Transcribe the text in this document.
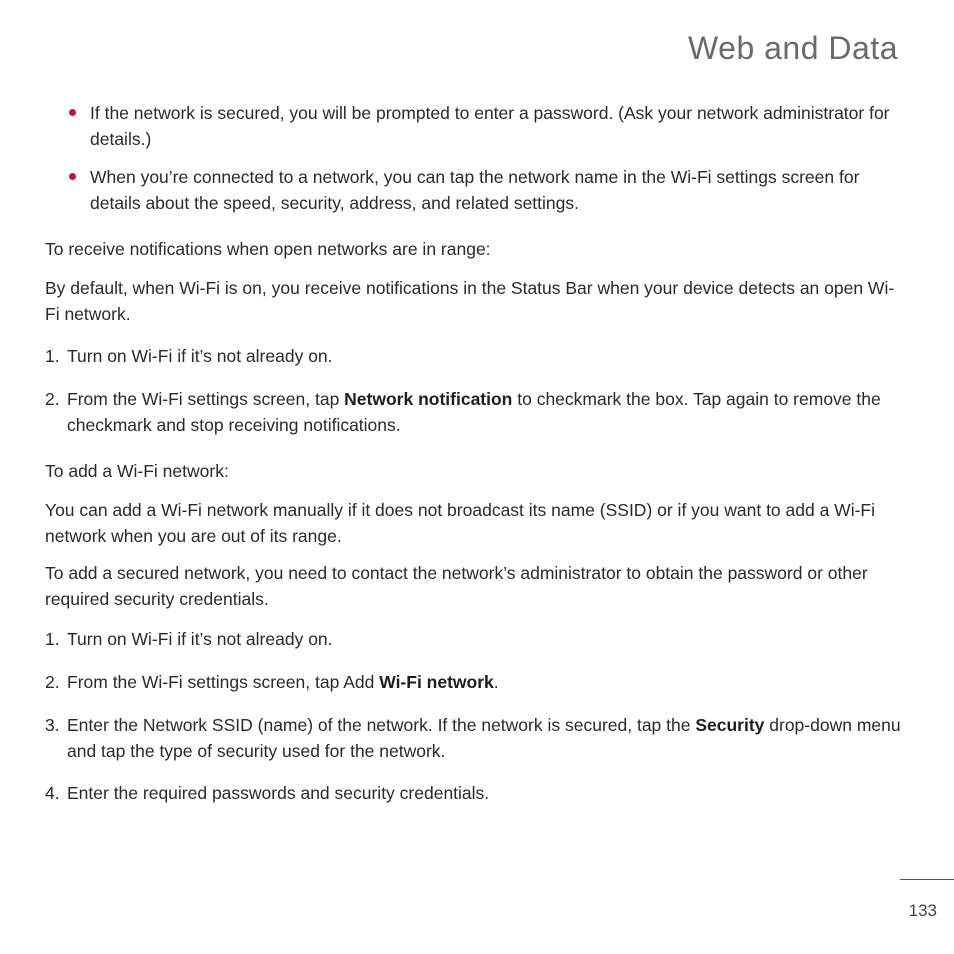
Web and Data

If the network is secured, you will be prompted to enter a password. (Ask your network administrator for details.)

When you’re connected to a network, you can tap the network name in the Wi-Fi settings screen for details about the speed, security, address, and related settings.

To receive notifications when open networks are in range:

By default, when Wi-Fi is on, you receive notifications in the Status Bar when your device detects an open Wi-Fi network.

1. Turn on Wi-Fi if it’s not already on.

2. From the Wi-Fi settings screen, tap Network notification to checkmark the box. Tap again to remove the checkmark and stop receiving notifications.

To add a Wi-Fi network:

You can add a Wi-Fi network manually if it does not broadcast its name (SSID) or if you want to add a Wi-Fi network when you are out of its range.

To add a secured network, you need to contact the network’s administrator to obtain the password or other required security credentials.

1. Turn on Wi-Fi if it’s not already on.

2. From the Wi-Fi settings screen, tap Add Wi-Fi network.

3. Enter the Network SSID (name) of the network. If the network is secured, tap the Security drop-down menu and tap the type of security used for the network.

4. Enter the required passwords and security credentials.

133
